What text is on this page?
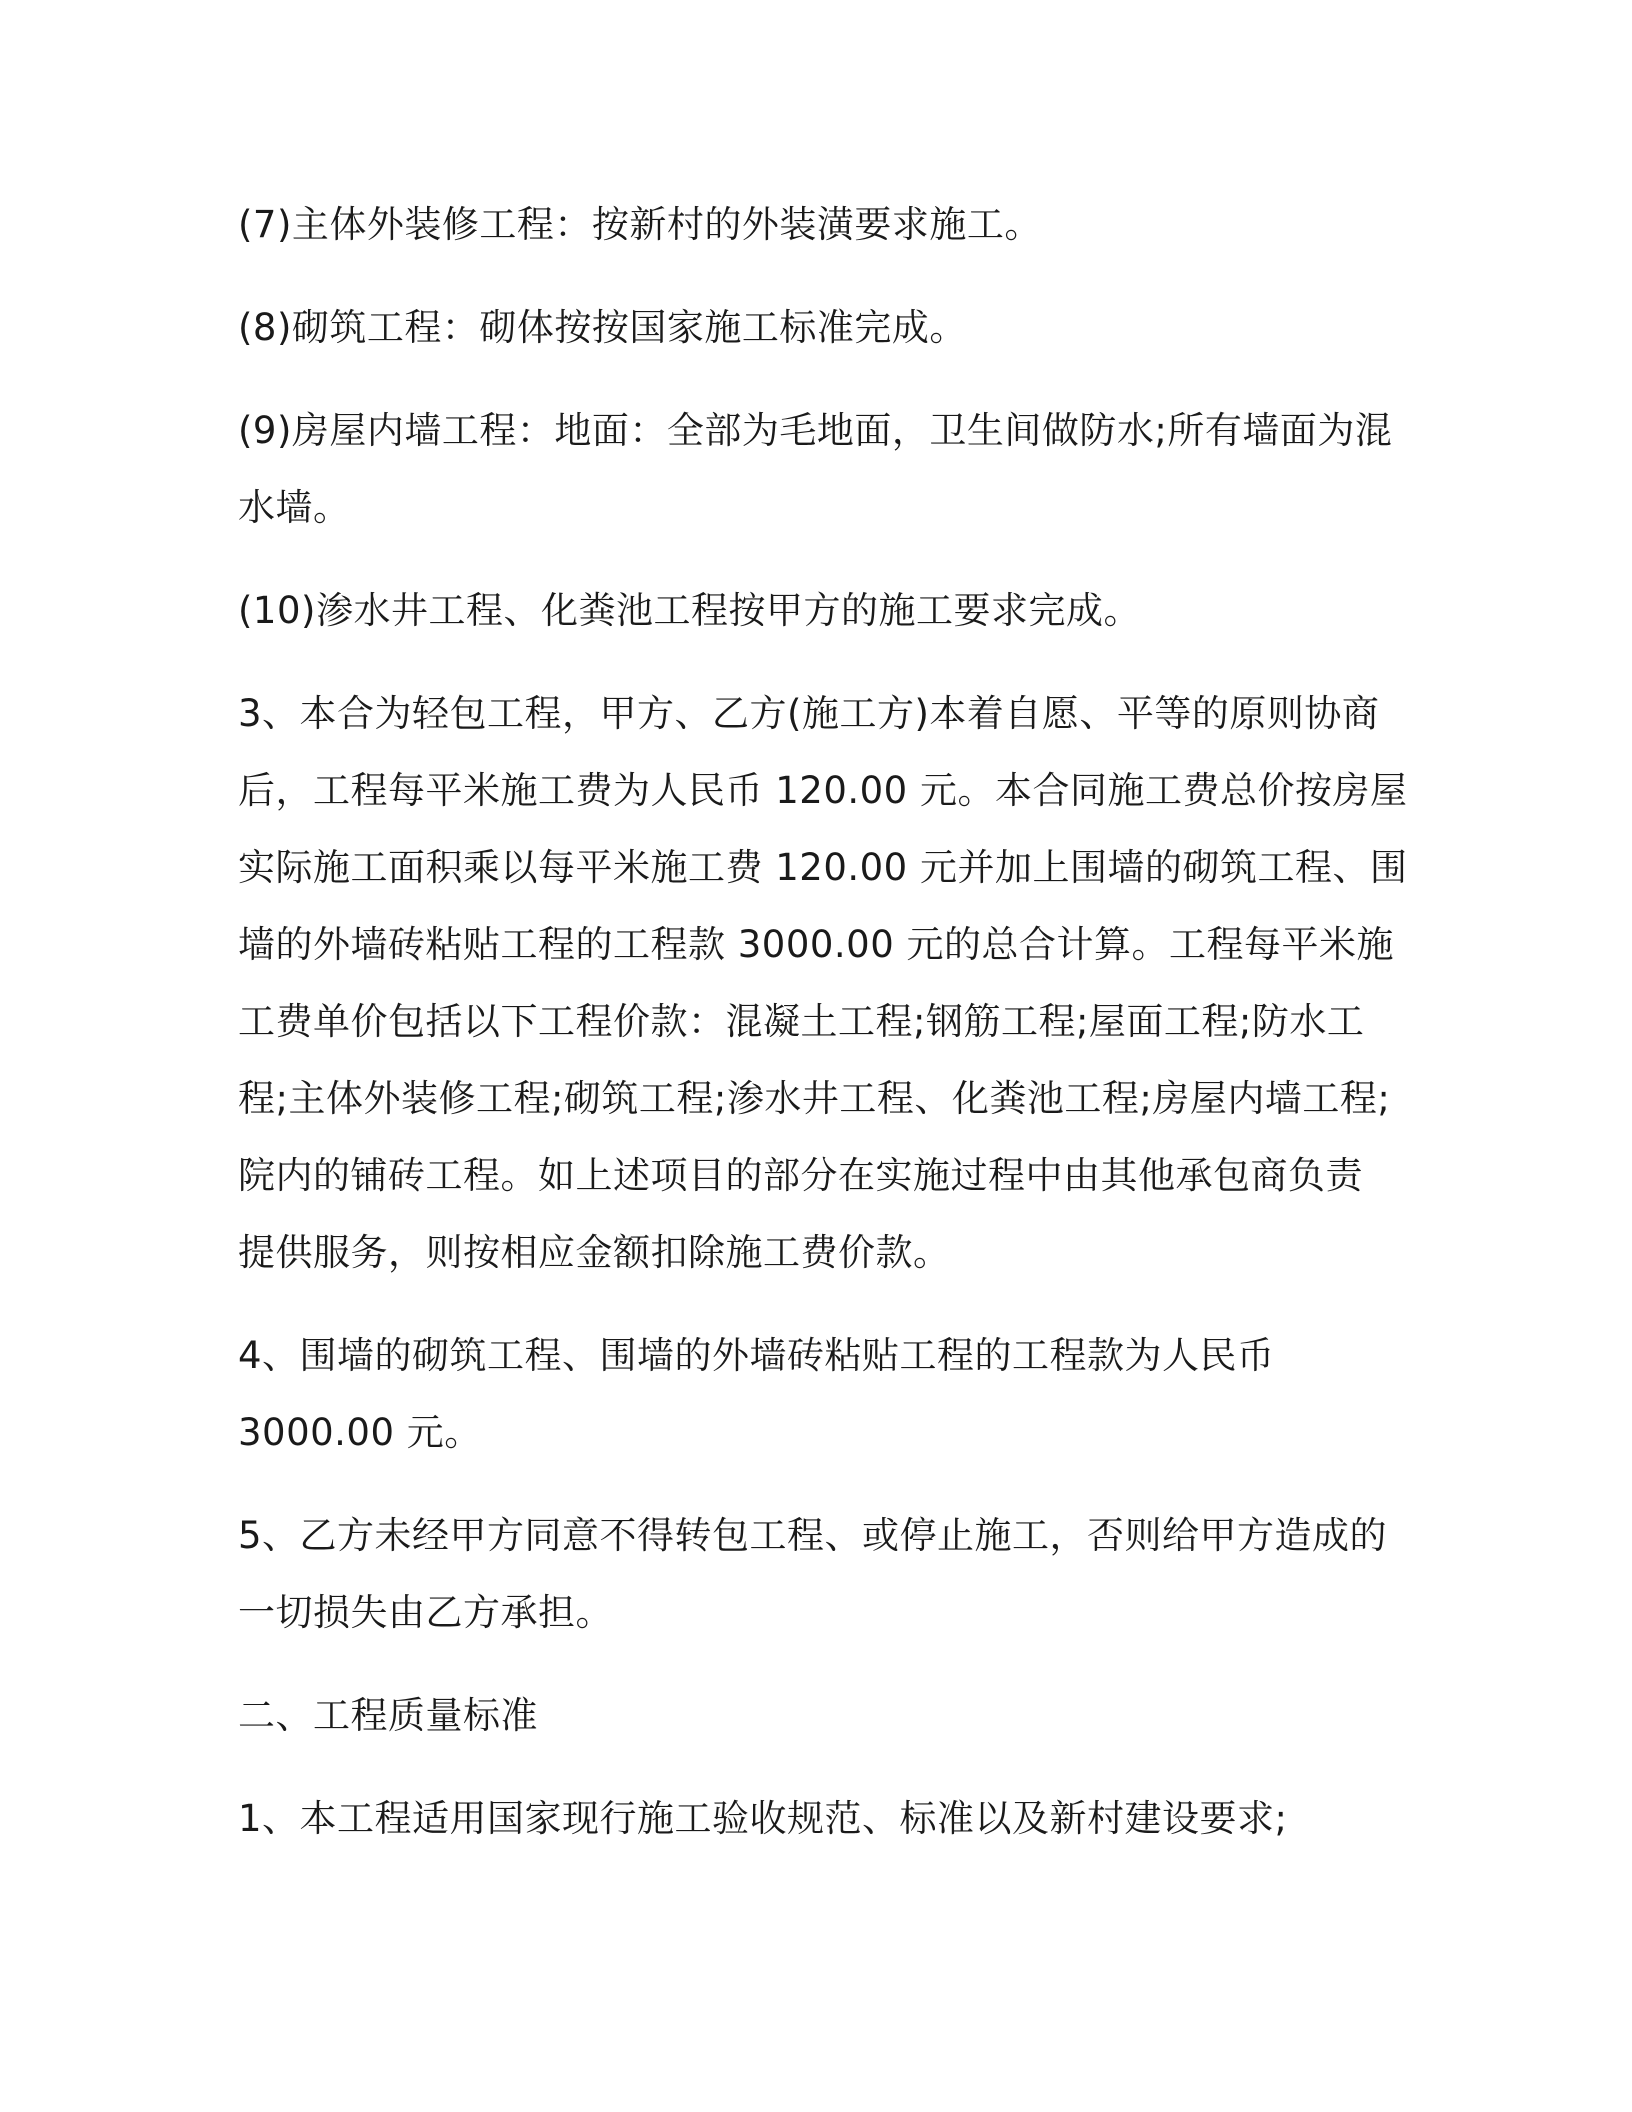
(7)主体外装修工程：按新村的外装潢要求施工。

(8)砌筑工程：砌体按按国家施工标准完成。

(9)房屋内墙工程：地面：全部为毛地面，卫生间做防水;所有墙面为混
水墙。

(10)渗水井工程、化粪池工程按甲方的施工要求完成。

3、本合为轻包工程，甲方、乙方(施工方)本着自愿、平等的原则协商
后，工程每平米施工费为人民币 120.00 元。本合同施工费总价按房屋
实际施工面积乘以每平米施工费 120.00 元并加上围墙的砌筑工程、围
墙的外墙砖粘贴工程的工程款 3000.00 元的总合计算。工程每平米施
工费单价包括以下工程价款：混凝土工程;钢筋工程;屋面工程;防水工
程;主体外装修工程;砌筑工程;渗水井工程、化粪池工程;房屋内墙工程;
院内的铺砖工程。如上述项目的部分在实施过程中由其他承包商负责
提供服务，则按相应金额扣除施工费价款。

4、围墙的砌筑工程、围墙的外墙砖粘贴工程的工程款为人民币
3000.00 元。

5、乙方未经甲方同意不得转包工程、或停止施工，否则给甲方造成的
一切损失由乙方承担。

二、工程质量标准

1、本工程适用国家现行施工验收规范、标准以及新村建设要求;
